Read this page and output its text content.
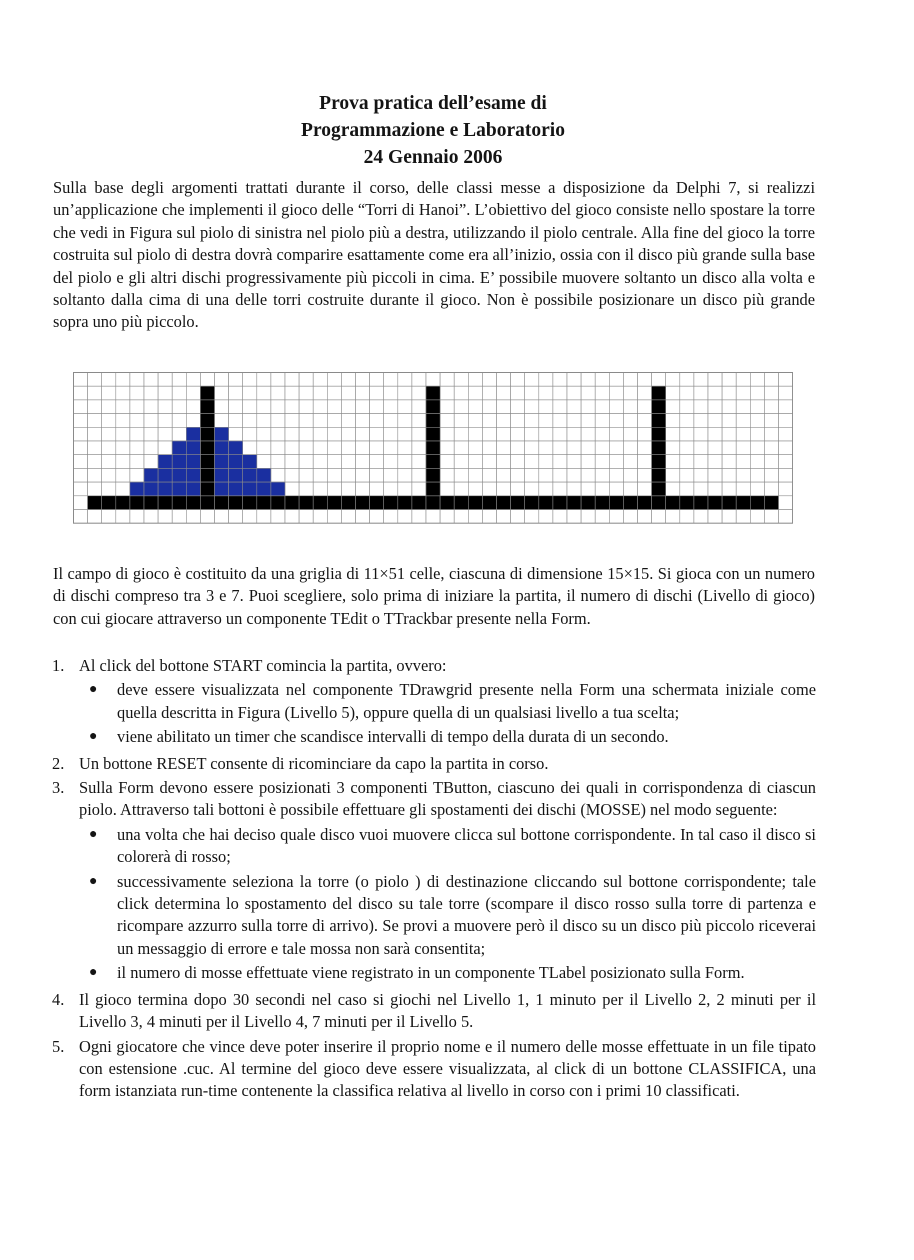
Prova pratica dell’esame di
Programmazione e Laboratorio
24 Gennaio 2006

Sulla base degli argomenti trattati durante il corso, delle classi messe a disposizione da Delphi 7, si realizzi un’applicazione che implementi il gioco delle “Torri di Hanoi”. L’obiettivo del gioco consiste nello spostare la torre che vedi in Figura sul piolo di sinistra nel piolo più a destra, utilizzando il piolo centrale. Alla fine del gioco la torre costruita sul piolo di destra dovrà comparire esattamente come era all’inizio, ossia con il disco più grande sulla base del piolo e gli altri dischi progressivamente più piccoli in cima. E’ possibile muovere soltanto un disco alla volta e soltanto dalla cima di una delle torri costruite durante il gioco. Non è possibile posizionare un disco più grande sopra uno più piccolo.

Il campo di gioco è costituito da una griglia di 11×51 celle, ciascuna di dimensione 15×15. Si gioca con un numero di dischi compreso tra 3 e 7. Puoi scegliere, solo prima di iniziare la partita, il numero di dischi (Livello di gioco) con cui giocare attraverso un componente TEdit o TTrackbar presente nella Form.

1. Al click del bottone START comincia la partita, ovvero:
● deve essere visualizzata nel componente TDrawgrid presente nella Form una schermata iniziale come quella descritta in Figura (Livello 5), oppure quella di un qualsiasi livello a tua scelta;
● viene abilitato un timer che scandisce intervalli di tempo della durata di un secondo.
2. Un bottone RESET consente di ricominciare da capo la partita in corso.
3. Sulla Form devono essere posizionati 3 componenti TButton, ciascuno dei quali in corrispondenza di ciascun piolo. Attraverso tali bottoni è possibile effettuare gli spostamenti dei dischi (MOSSE) nel modo seguente:
● una volta che hai deciso quale disco vuoi muovere clicca sul bottone corrispondente. In tal caso il disco si colorerà di rosso;
● successivamente seleziona la torre (o piolo ) di destinazione cliccando sul bottone corrispondente; tale click determina lo spostamento del disco su tale torre (scompare il disco rosso sulla torre di partenza e ricompare azzurro sulla torre di arrivo). Se provi a muovere però il disco su un disco più piccolo riceverai un messaggio di errore e tale mossa non sarà consentita;
● il numero di mosse effettuate viene registrato in un componente TLabel posizionato sulla Form.
4. Il gioco termina dopo 30 secondi nel caso si giochi nel Livello 1, 1 minuto per il Livello 2, 2 minuti per il Livello 3, 4 minuti per il Livello 4, 7 minuti per il Livello 5.
5. Ogni giocatore che vince deve poter inserire il proprio nome e il numero delle mosse effettuate in un file tipato con estensione .cuc. Al termine del gioco deve essere visualizzata, al click di un bottone CLASSIFICA, una form istanziata run-time contenente la classifica relativa al livello in corso con i primi 10 classificati.
